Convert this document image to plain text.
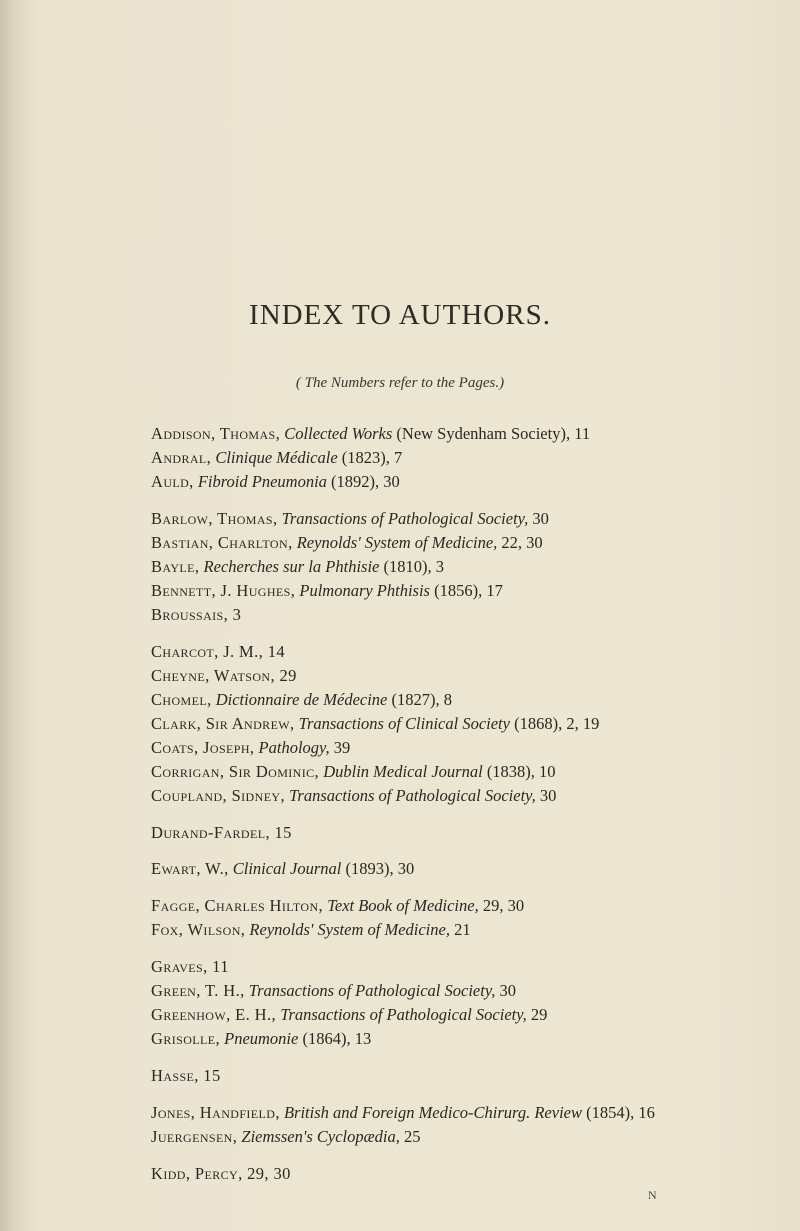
INDEX TO AUTHORS.
( The Numbers refer to the Pages.)
Addison, Thomas, Collected Works (New Sydenham Society), 11
Andral, Clinique Médicale (1823), 7
Auld, Fibroid Pneumonia (1892), 30
Barlow, Thomas, Transactions of Pathological Society, 30
Bastian, Charlton, Reynolds' System of Medicine, 22, 30
Bayle, Recherches sur la Phthisie (1810), 3
Bennett, J. Hughes, Pulmonary Phthisis (1856), 17
Broussais, 3
Charcot, J. M., 14
Cheyne, Watson, 29
Chomel, Dictionnaire de Médecine (1827), 8
Clark, Sir Andrew, Transactions of Clinical Society (1868), 2, 19
Coats, Joseph, Pathology, 39
Corrigan, Sir Dominic, Dublin Medical Journal (1838), 10
Coupland, Sidney, Transactions of Pathological Society, 30
Durand-Fardel, 15
Ewart, W., Clinical Journal (1893), 30
Fagge, Charles Hilton, Text Book of Medicine, 29, 30
Fox, Wilson, Reynolds' System of Medicine, 21
Graves, 11
Green, T. H., Transactions of Pathological Society, 30
Greenhow, E. H., Transactions of Pathological Society, 29
Grisolle, Pneumonie (1864), 13
Hasse, 15
Jones, Handfield, British and Foreign Medico-Chirurg. Review (1854), 16
Juergensen, Ziemssen's Cyclopædia, 25
Kidd, Percy, 29, 30
N
